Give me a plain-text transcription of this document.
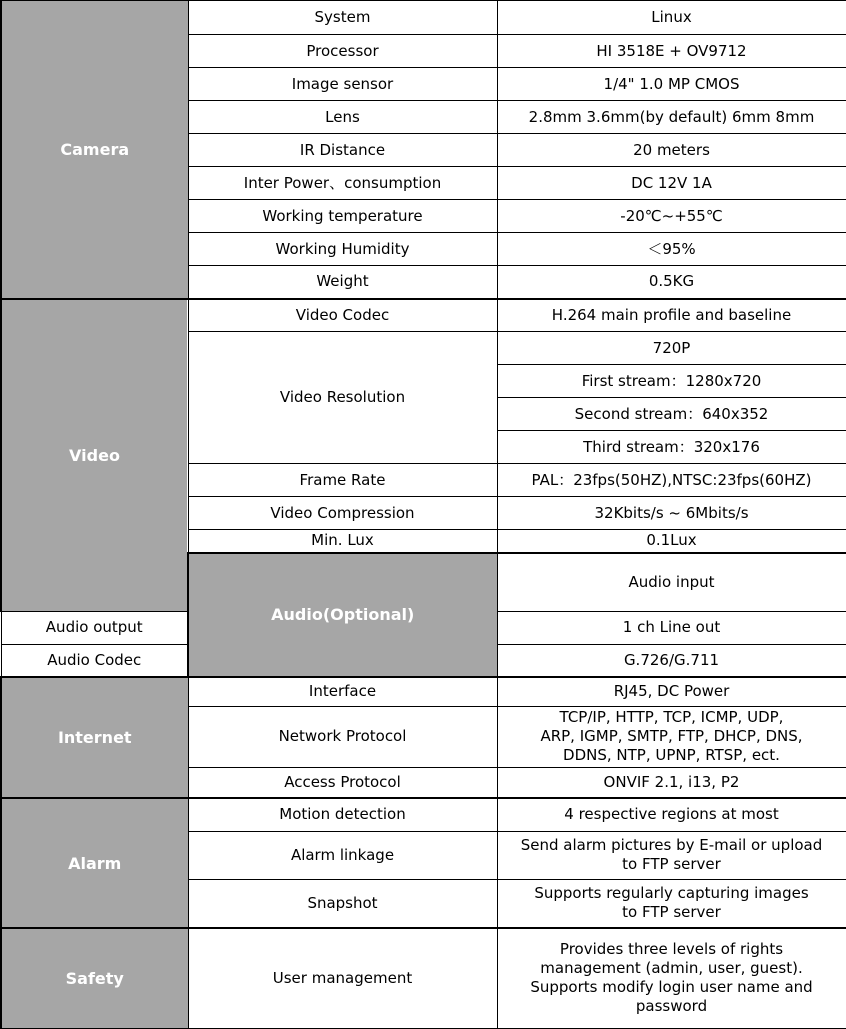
Camera	System	Linux	
	Processor	HI 3518E + OV9712	
	Image sensor	1/4" 1.0 MP CMOS	
	Lens	2.8mm 3.6mm(by default) 6mm 8mm	
	IR Distance	20 meters	
	Inter Power、consumption	DC 12V 1A	
	Working temperature	-20℃~+55℃	
	Working Humidity	＜95%	
	Weight	0.5KG	
Video	Video Codec	H.264 main profile and baseline	
	Video Resolution	720P	
		First stream：1280x720	
		Second stream：640x352	
		Third stream：320x176	
	Frame Rate	PAL：23fps(50HZ),NTSC:23fps(60HZ)	
	Video Compression	32Kbits/s ~ 6Mbits/s	
	Min. Lux	0.1Lux	
	Audio(Optional)	Audio input	
Audio output		1 ch Line out	
Audio Codec		G.726/G.711	
Internet	Interface	RJ45, DC Power	
	Network Protocol	TCP/IP, HTTP, TCP, ICMP, UDP,
ARP, IGMP, SMTP, FTP, DHCP, DNS,
DDNS, NTP, UPNP, RTSP, ect.	
	Access Protocol	ONVIF 2.1, i13, P2	
Alarm	Motion detection	4 respective regions at most	
	Alarm linkage	Send alarm pictures by E-mail or upload
to FTP server	
	Snapshot	Supports regularly capturing images
to FTP server	
Safety	User management	Provides three levels of rights
management (admin, user, guest).
Supports modify login user name and
password	
